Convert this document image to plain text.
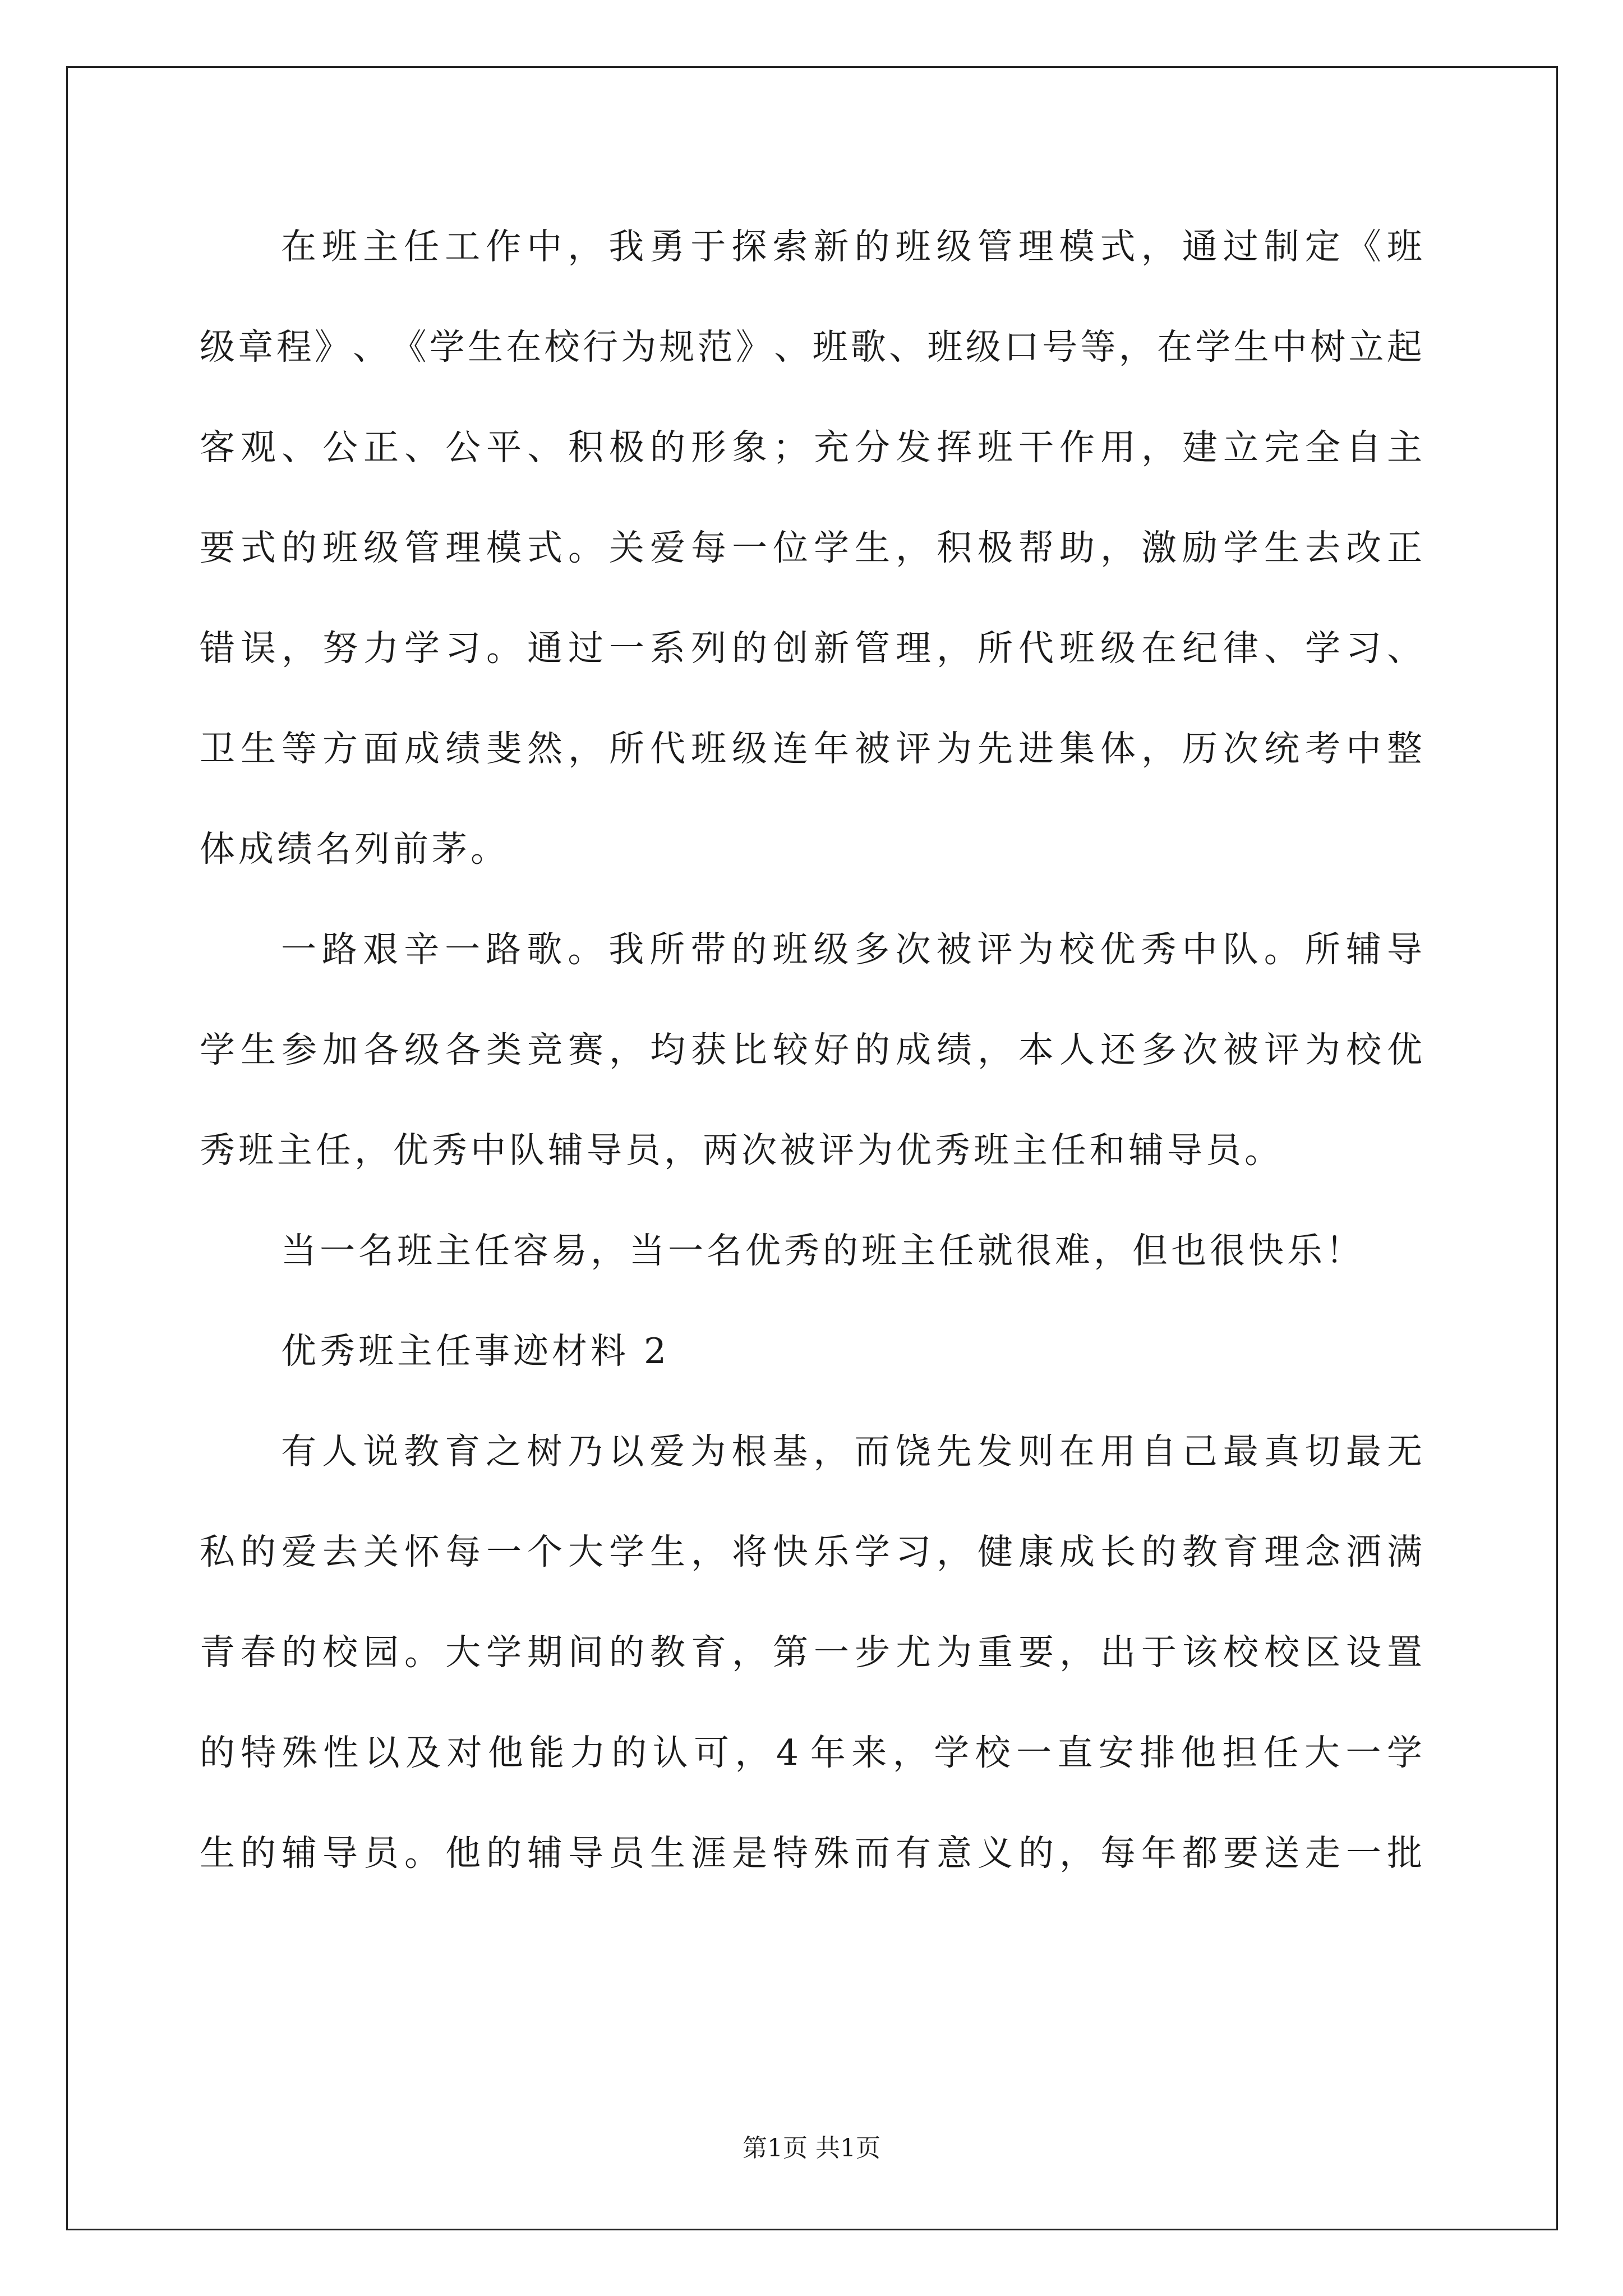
在 班 主 任 工 作 中 ， 我 勇 于 探 索 新 的 班 级 管 理 模 式 ， 通 过 制 定 《 班
级 章 程 》 、 《 学 生 在 校 行 为 规 范 》 、 班 歌 、 班 级 口 号 等 ， 在 学 生 中 树 立 起
客 观 、 公 正 、 公 平 、 积 极 的 形 象 ； 充 分 发 挥 班 干 作 用 ， 建 立 完 全 自 主
要 式 的 班 级 管 理 模 式 。 关 爱 每 一 位 学 生 ， 积 极 帮 助 ， 激 励 学 生 去 改 正
错 误 ， 努 力 学 习 。 通 过 一 系 列 的 创 新 管 理 ， 所 代 班 级 在 纪 律 、 学 习 、
卫 生 等 方 面 成 绩 斐 然 ， 所 代 班 级 连 年 被 评 为 先 进 集 体 ， 历 次 统 考 中 整
体成绩名列前茅。
一 路 艰 辛 一 路 歌 。 我 所 带 的 班 级 多 次 被 评 为 校 优 秀 中 队 。 所 辅 导
学 生 参 加 各 级 各 类 竞 赛 ， 均 获 比 较 好 的 成 绩 ， 本 人 还 多 次 被 评 为 校 优
秀班主任，优秀中队辅导员，两次被评为优秀班主任和辅导员。
当一名班主任容易，当一名优秀的班主任就很难，但也很快乐！
优秀班主任事迹材料 2
有 人 说 教 育 之 树 乃 以 爱 为 根 基 ， 而 饶 先 发 则 在 用 自 己 最 真 切 最 无
私 的 爱 去 关 怀 每 一 个 大 学 生 ， 将 快 乐 学 习 ， 健 康 成 长 的 教 育 理 念 洒 满
青 春 的 校 园 。 大 学 期 间 的 教 育 ， 第 一 步 尤 为 重 要 ， 出 于 该 校 校 区 设 置
的 特 殊 性 以 及 对 他 能 力 的 认 可 ， 4 年 来 ， 学 校 一 直 安 排 他 担 任 大 一 学
生 的 辅 导 员 。 他 的 辅 导 员 生 涯 是 特 殊 而 有 意 义 的 ， 每 年 都 要 送 走 一 批
第1页 共1页
